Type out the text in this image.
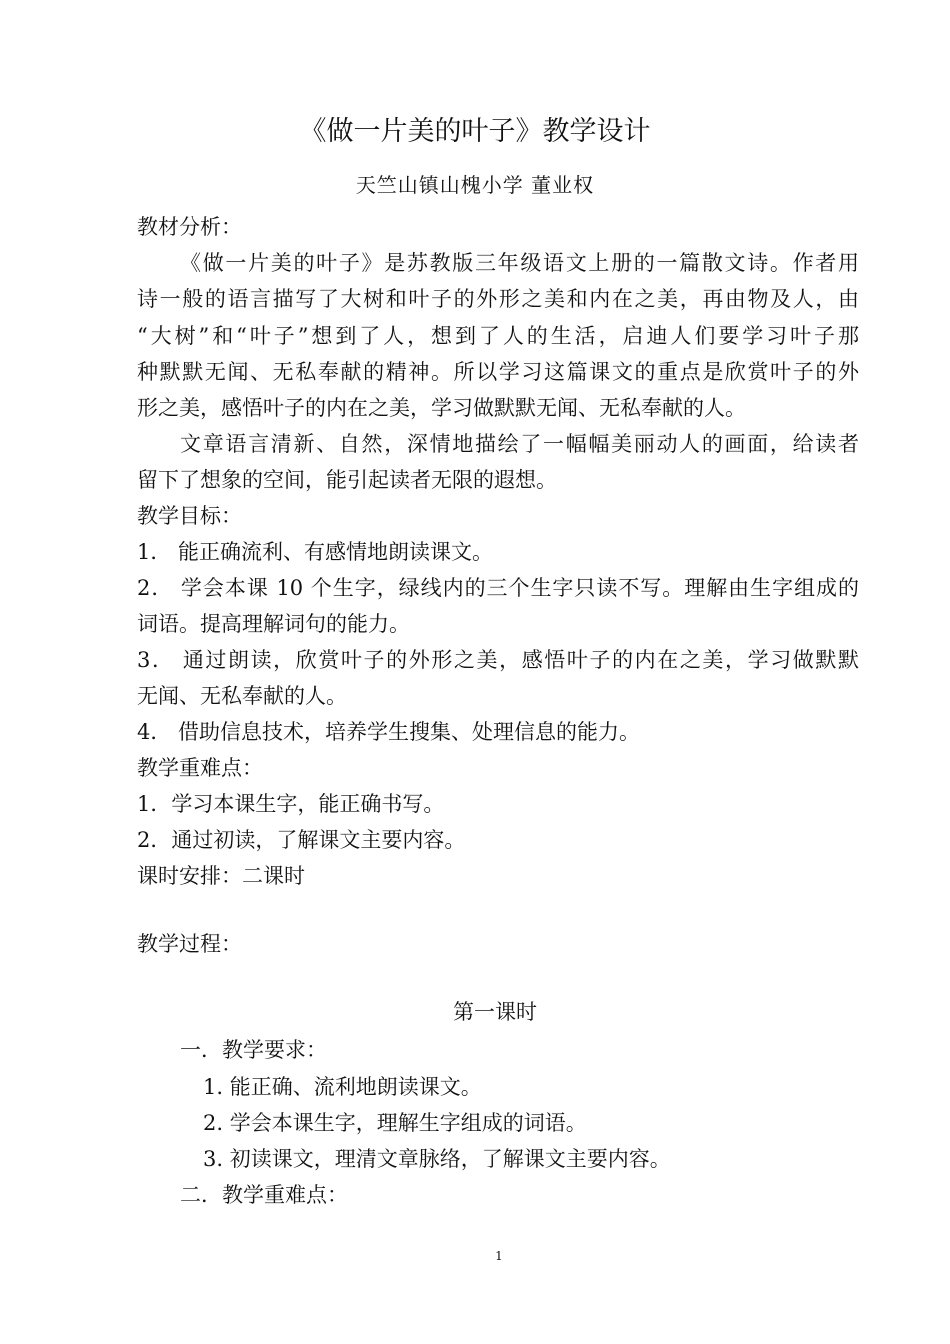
《做一片美的叶子》教学设计
天竺山镇山槐小学 董业权
教材分析：
《做一片美的叶子》是苏教版三年级语文上册的一篇散文诗。作者用
诗一般的语言描写了大树和叶子的外形之美和内在之美，再由物及人，由
“大树”和“叶子”想到了人，想到了人的生活，启迪人们要学习叶子那
种默默无闻、无私奉献的精神。所以学习这篇课文的重点是欣赏叶子的外
形之美，感悟叶子的内在之美，学习做默默无闻、无私奉献的人。
文章语言清新、自然，深情地描绘了一幅幅美丽动人的画面，给读者
留下了想象的空间，能引起读者无限的遐想。
教学目标：
1． 能正确流利、有感情地朗读课文。
2． 学会本课 10 个生字，绿线内的三个生字只读不写。理解由生字组成的
词语。提高理解词句的能力。
3． 通过朗读，欣赏叶子的外形之美，感悟叶子的内在之美，学习做默默
无闻、无私奉献的人。
4． 借助信息技术，培养学生搜集、处理信息的能力。
教学重难点：
1．学习本课生字，能正确书写。
2．通过初读，了解课文主要内容。
课时安排：二课时
教学过程：
第一课时
一．教学要求：
1. 能正确、流利地朗读课文。
2. 学会本课生字，理解生字组成的词语。
3. 初读课文，理清文章脉络，了解课文主要内容。
二．教学重难点：
1
